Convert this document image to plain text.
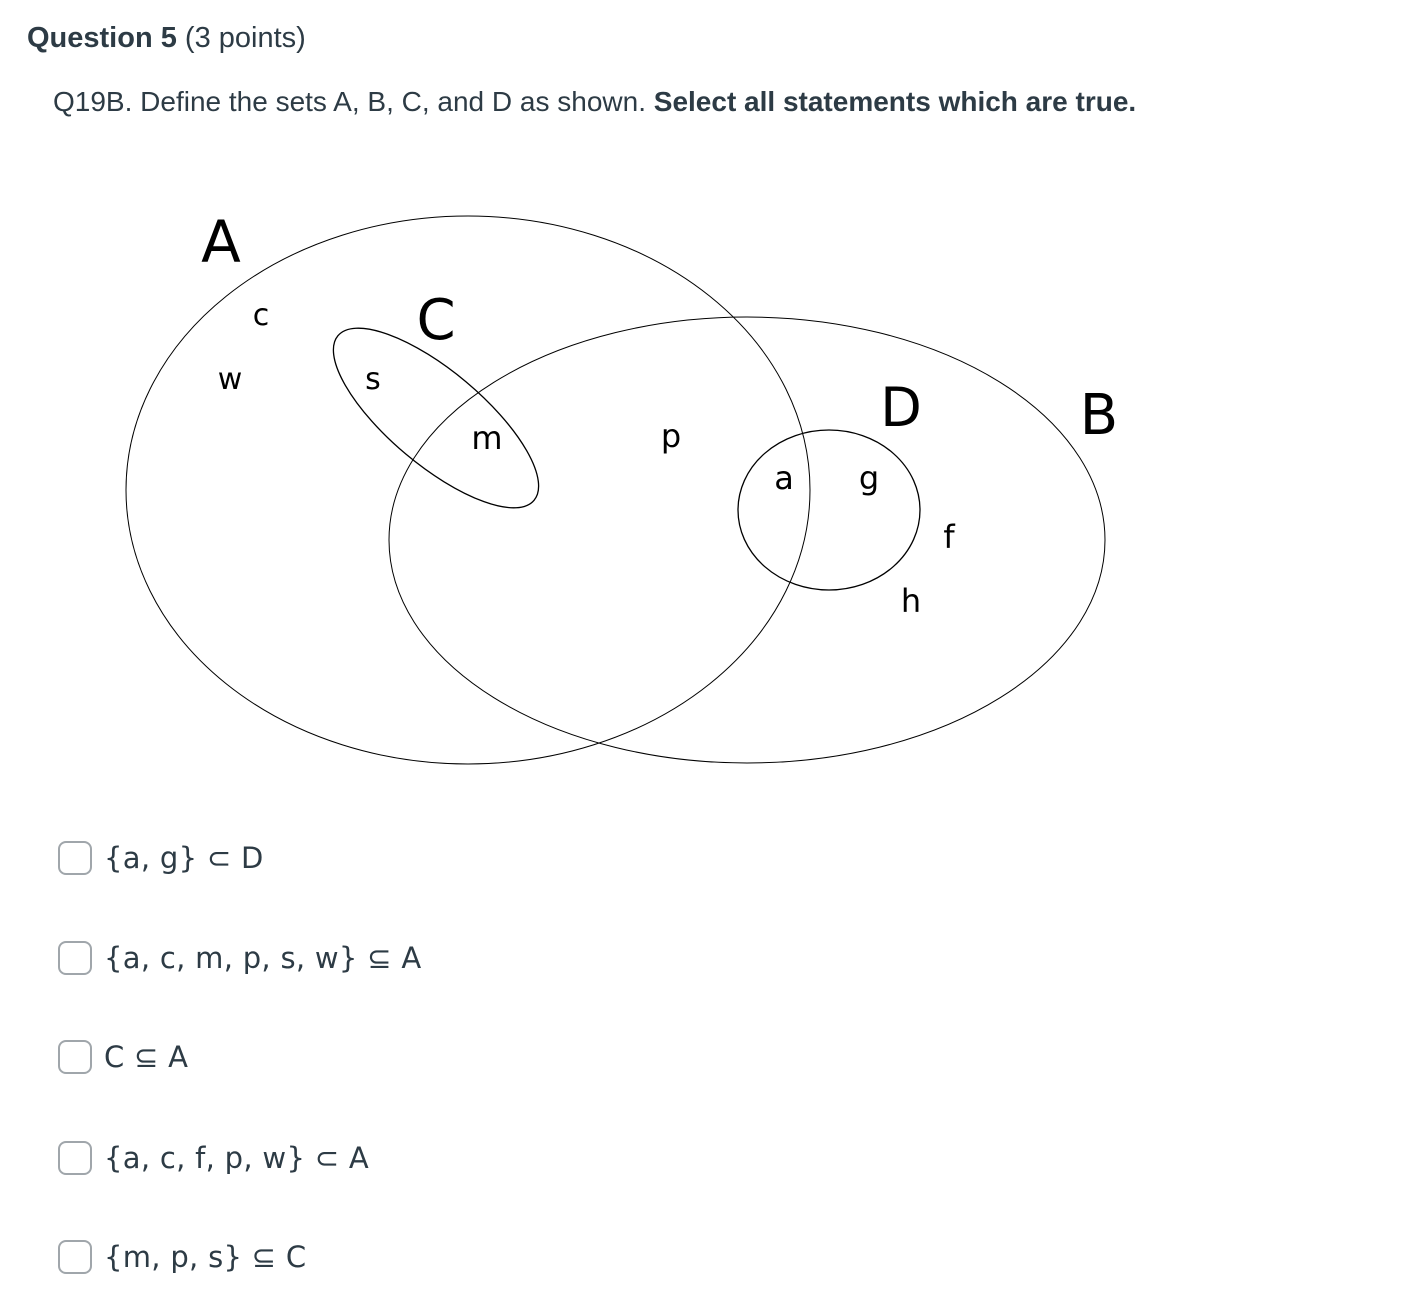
Question 5 (3 points)
Q19B. Define the sets A, B, C, and D as shown. Select all statements which are true.
A
B
C
D
c
w	s
m	p
a g
f
h
{a, g} ⊂ D
{a, c, m, p, s, w} ⊆ A
C ⊆ A
{a, c, f, p, w} ⊂ A
{m, p, s} ⊆ C
